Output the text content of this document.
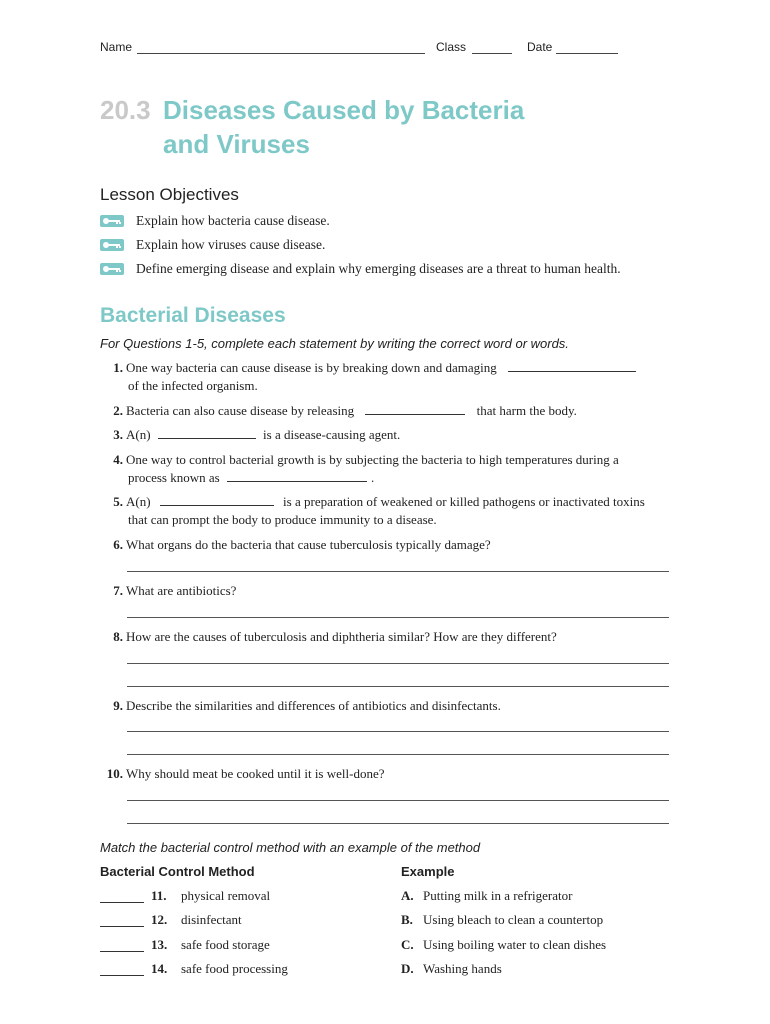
Name	Class	Date
20.3 Diseases Caused by Bacteria
and Viruses
Lesson Objectives
Explain how bacteria cause disease.
Explain how viruses cause disease.
Define emerging disease and explain why emerging diseases are a threat to human health.
Bacterial Diseases
For Questions 1-5, complete each statement by writing the correct word or words.
1. One way bacteria can cause disease is by breaking down and damaging
of the infected organism.
2. Bacteria can also cause disease by releasing	that harm the body.
3. A(n)	is a disease-causing agent.
4. One way to control bacterial growth is by subjecting the bacteria to high temperatures during a
process known as	.
5. A(n)	is a preparation of weakened or killed pathogens or inactivated toxins
that can prompt the body to produce immunity to a disease.
6. What organs do the bacteria that cause tuberculosis typically damage?
7. What are antibiotics?
8. How are the causes of tuberculosis and diphtheria similar? How are they different?
9. Describe the similarities and differences of antibiotics and disinfectants.
10. Why should meat be cooked until it is well-done?
Match the bacterial control method with an example of the method
Bacterial Control Method	Example
11. physical removal	A. Putting milk in a refrigerator
12. disinfectant	B. Using bleach to clean a countertop
13. safe food storage	C. Using boiling water to clean dishes
14. safe food processing	D. Washing hands
